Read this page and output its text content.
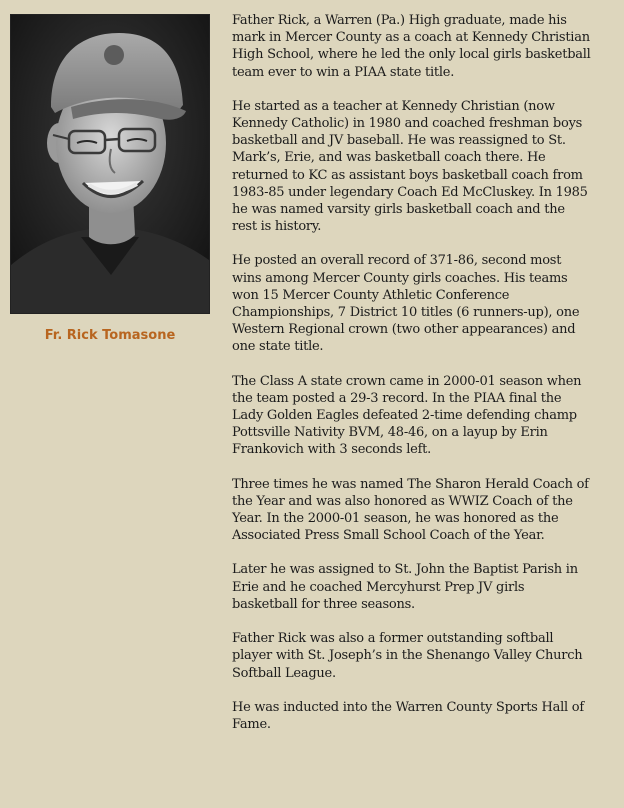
Fr. Rick Tomasone

Father Rick, a Warren (Pa.) High graduate, made his mark in Mercer County as a coach at Kennedy Christian High School, where he led the only local girls basketball team ever to win a PIAA state title.

He started as a teacher at Kennedy Christian (now Kennedy Catholic) in 1980 and coached freshman boys basketball and JV baseball. He was reassigned to St. Mark’s, Erie, and was basketball coach there. He returned to KC as assistant boys basketball coach from 1983-85 under legendary Coach Ed McCluskey. In 1985 he was named varsity girls basketball coach and the rest is history.

He posted an overall record of 371-86, second most wins among Mercer County girls coaches. His teams won 15 Mercer County Athletic Conference Championships, 7 District 10 titles (6 runners-up), one Western Regional crown (two other appearances) and one state title.

The Class A state crown came in 2000-01 season when the team posted a 29-3 record. In the PIAA final the Lady Golden Eagles defeated 2-time defending champ Pottsville Nativity BVM, 48-46, on a layup by Erin Frankovich with 3 seconds left.

Three times he was named The Sharon Herald Coach of the Year and was also honored as WWIZ Coach of the Year. In the 2000-01 season, he was honored as the Associated Press Small School Coach of the Year.

Later he was assigned to St. John the Baptist Parish in Erie and he coached Mercyhurst Prep JV girls basketball for three seasons.

Father Rick was also a former outstanding softball player with St. Joseph’s in the Shenango Valley Church Softball League.

He was inducted into the Warren County Sports Hall of Fame.
